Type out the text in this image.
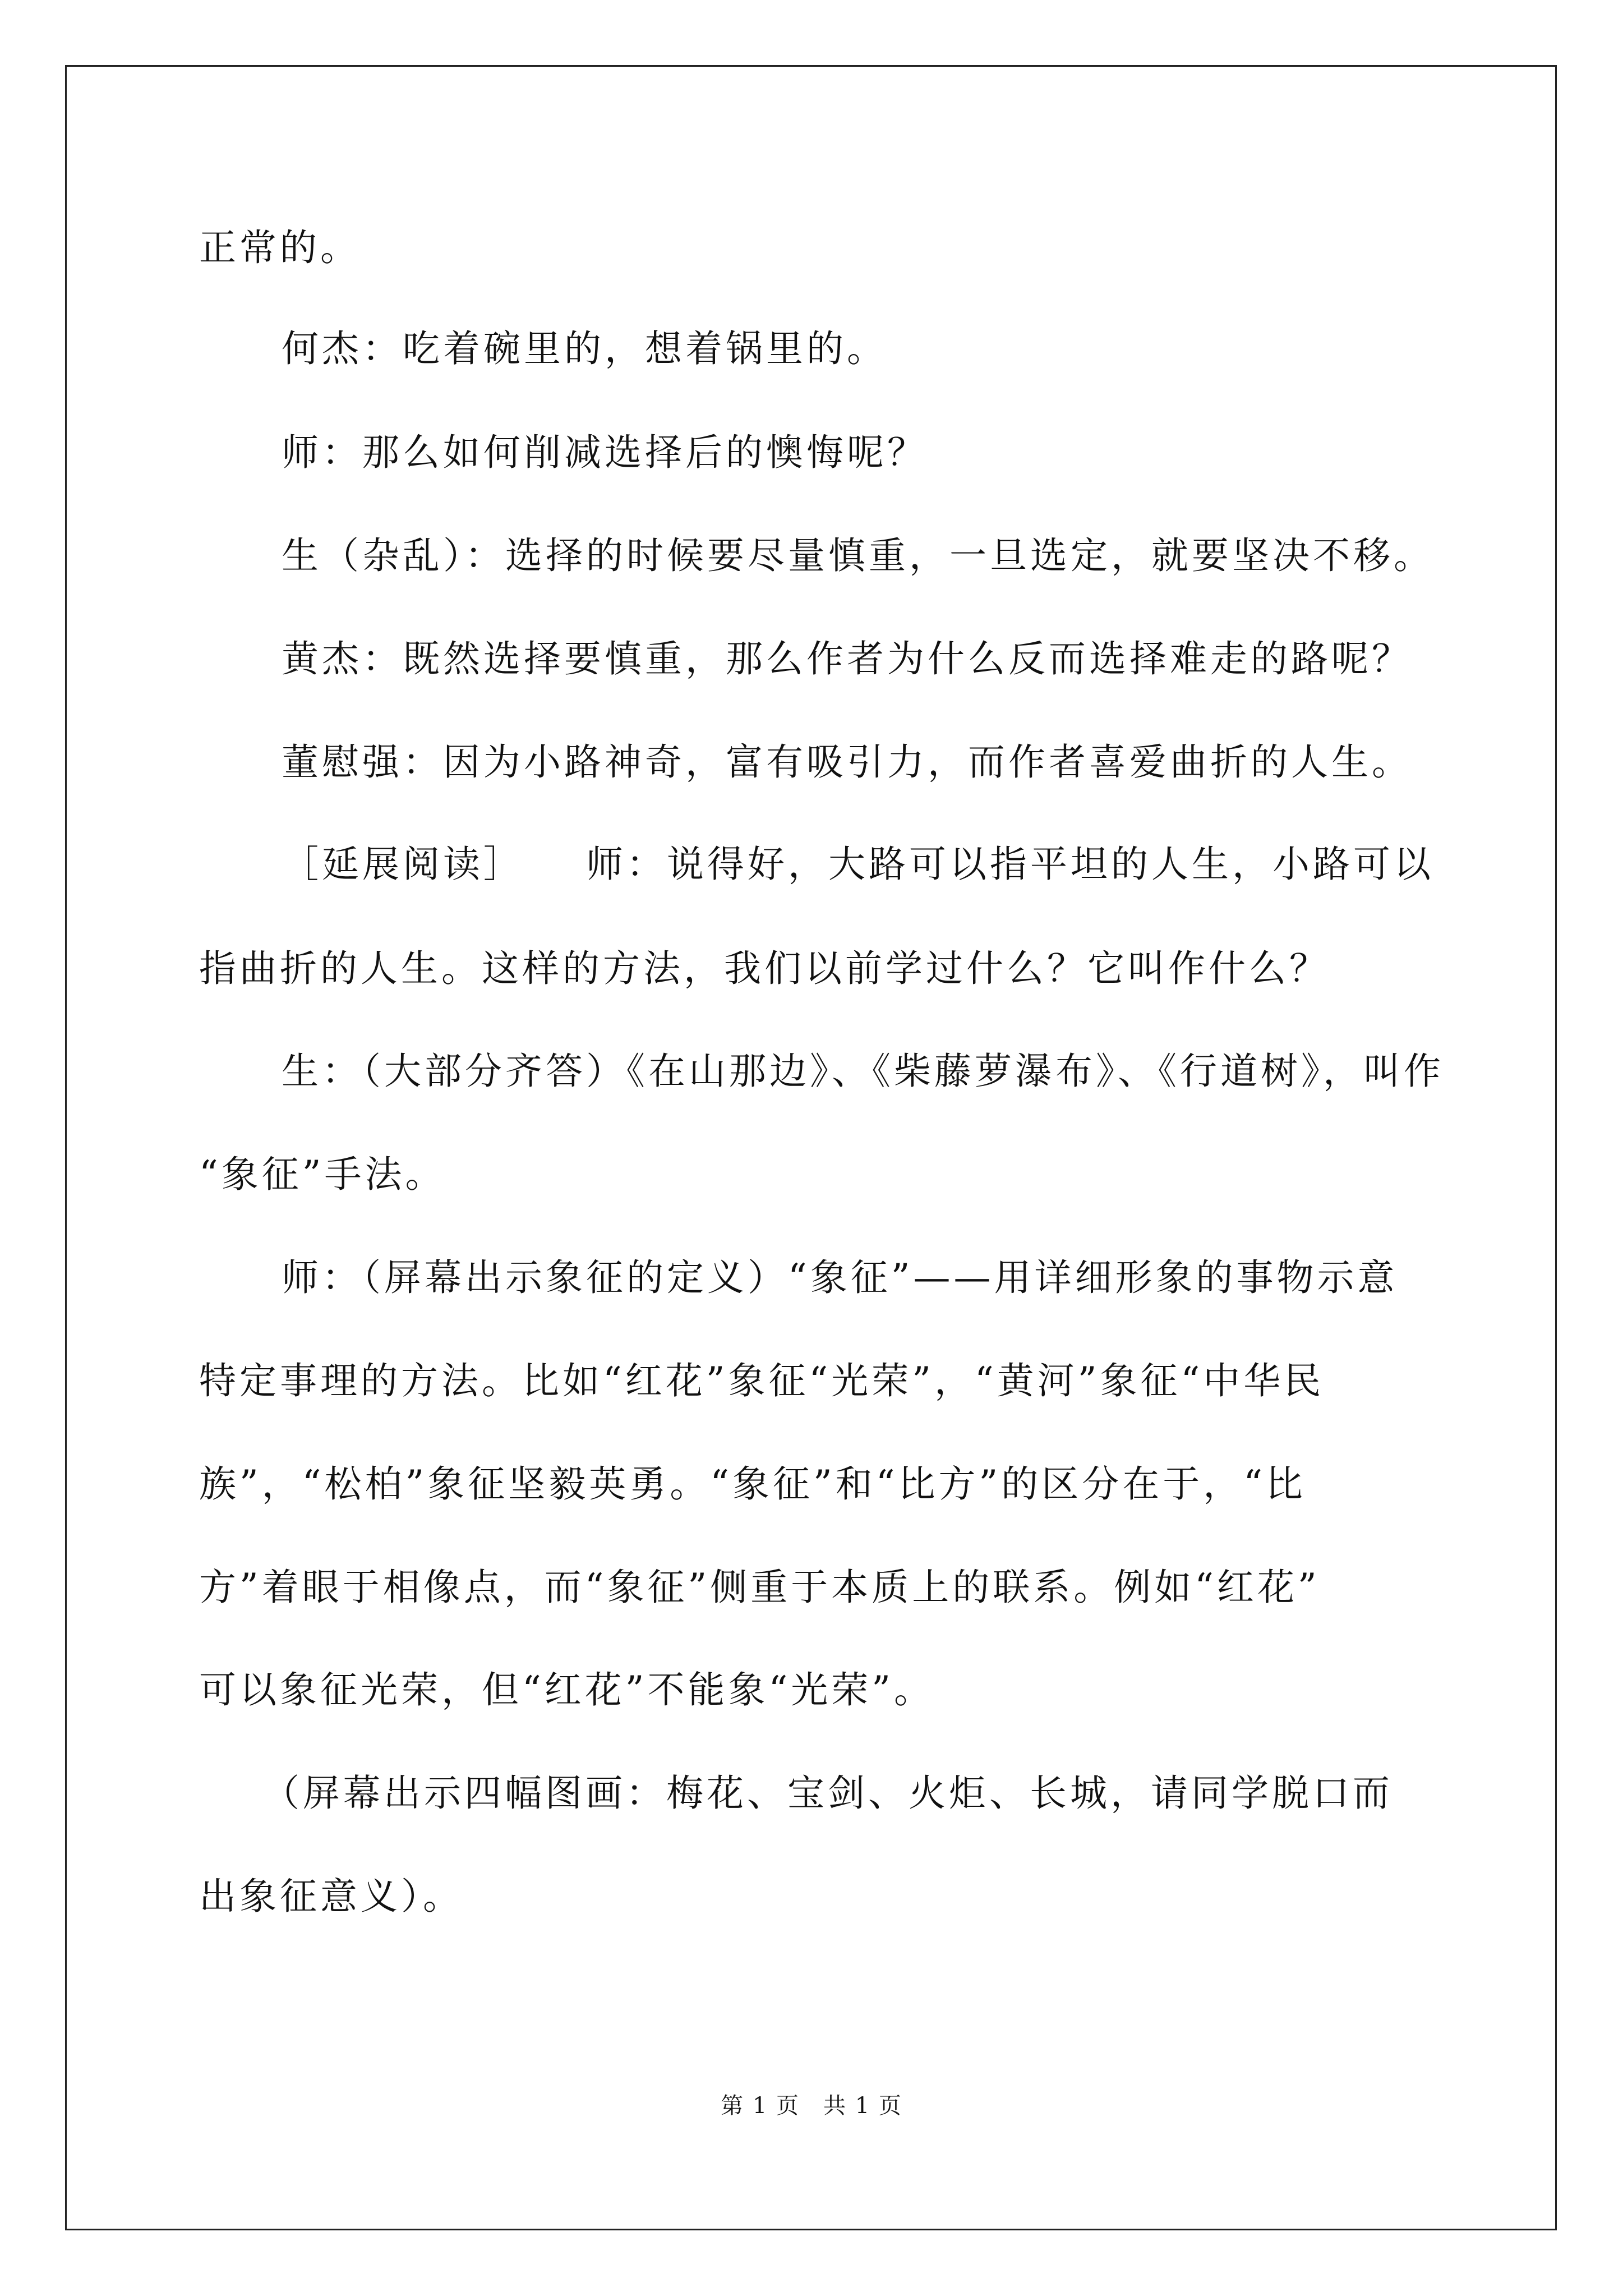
正常的。
何杰：吃着碗里的，想着锅里的。
师：那么如何削减选择后的懊悔呢？
生（杂乱）：选择的时候要尽量慎重，一旦选定，就要坚决不移。
黄杰：既然选择要慎重，那么作者为什么反而选择难走的路呢？
董慰强：因为小路神奇，富有吸引力，而作者喜爱曲折的人生。
［延展阅读］　　师：说得好，大路可以指平坦的人生，小路可以
指曲折的人生。这样的方法，我们以前学过什么？它叫作什么？
生：（大部分齐答）《在山那边》、《柴藤萝瀑布》、《行道树》，叫作
“象征”手法。
师：（屏幕出示象征的定义）“象征”——用详细形象的事物示意
特定事理的方法。比如“红花”象征“光荣”，“黄河”象征“中华民
族”，“松柏”象征坚毅英勇。“象征”和“比方”的区分在于，“比
方”着眼于相像点，而“象征”侧重于本质上的联系。例如“红花”
可以象征光荣，但“红花”不能象“光荣”。
（屏幕出示四幅图画：梅花、宝剑、火炬、长城，请同学脱口而
出象征意义）。
第 1 页　共 1 页
